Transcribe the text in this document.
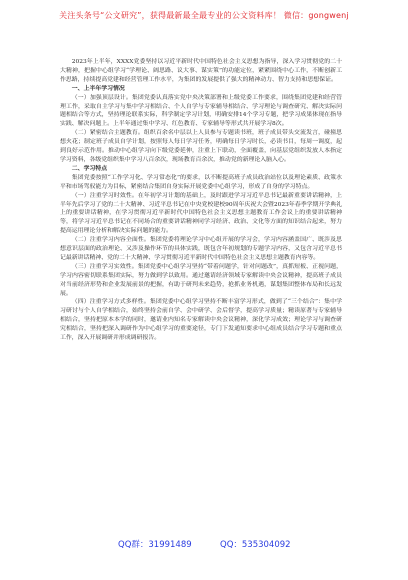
关注头条号“公文研究”，获得最新最全最专业的公文资料库！ 微信：gongwenj

2023年上半年，XXXX党委坚持以习近平新时代中国特色社会主义思想为指导，深入学习贯彻党的二十大精神，把握中心组学习“学理论、阔思路、议大事、谋实策”的功能定位，紧紧围绕中心工作，不断创新工作思路，持续提高党建和经营管理工作水平，为集团的发展提供了强大的精神动力、智力支持和思想保证。

一、上半年学习情况

（一）加强顶层设计。集团党委认真落实党中央决策部署和上级党委工作要求，围绕集团党建和经营管理工作，采取自主学习与集中学习相结合、个人自学与专家辅导相结合、学习理论与调查研究、解决实际问题相结合等方式，坚持理论联系实际，科学制定学习计划，明确安排14个学习专题，把学习成果体现在指导实践、解决问题上。上半年通过集中学习、红色教育、专家辅导等形式共开展学习8次。

（二）紧密结合主题教育。组织百余名中层以上人员参与专题读书班，班子成员带头交流发言，碰撞思想火花；制定班子成员自学计划，按照每人每日学习任务，明确每日学习时长，必读书目，每周一调度，起到良好示范作用。推动中心组学习向下级党委延伸，注重上下联动，全面覆盖，向基层党组织发放人本指定学习资料，各级党组织集中学习八百余次，现场教育百余次，推动党的新理论入脑入心。

二、学习特点

集团党委按照“工作学习化、学习常态化”的要求，以不断提高班子成员政治站位以及理论素质、政策水平和市场驾驭能力为目标，紧密结合集团自身实际开展党委中心组学习，形成了自身的学习特点。

（一）注重学习时效性。在年初学习计划的基础上，及时跟进学习习近平总书记最新重要讲话精神，上半年先后学习了党的二十大精神、习近平总书记在中央党校建校90周年庆祝大会暨2023年春季学期开学典礼上的重要讲话精神，在学习贯彻习近平新时代中国特色社会主义思想主题教育工作会议上的重要讲话精神等，将学习习近平总书记在不同场合的重要讲话精神同学习经济、政治、文化等方面的知识结合起来，努力提高运用理论分析和解决实际问题的能力。

（二）注重学习内容全面性。集团党委将理论学习中心组开展的学习会，学习内容涵盖国广、既涉及思想意识层面的政治理论、又涉及操作环节的具体实践，既包含年初规划的专题学习内容，又包含习近平总书记最新讲话精神、党的二十大精神、学习贯彻习近平新时代中国特色社会主义思想主题教育内容等。

（三）注重学习实效性。集团党委中心组学习坚持“带着问题学，针对问题改”，真抓短板、正视问题，学习内容密切联系集团实际，努力做到学以致用。通过邀请经济领域专家解读中央会议精神，提高班子成员对当前经济形势和企业发展前景的把握，有助于研判未来趋势，抢抓业务机遇，谋划集团整体布局和长远发展。

（四）注重学习方式多样性。集团党委中心组学习坚持不断丰富学习形式，做到了“三个结合”：集中学习研讨与个人自学相结合，始终坚持会前自学、会中研学、会后督学，提高学习质量；精读原著与专家辅导相结合，坚持把原本本学的同时，邀请业内知名专家解读中央会议精神，深化学习成效；理论学习与调查研究相结合，坚持把深入调研作为中心组学习的重要途径，专门下发通知要求中心组成员结合学习专题和重点工作，深入开展调研并形成调研报告。

QQ群：31991489	QQ：535304092
